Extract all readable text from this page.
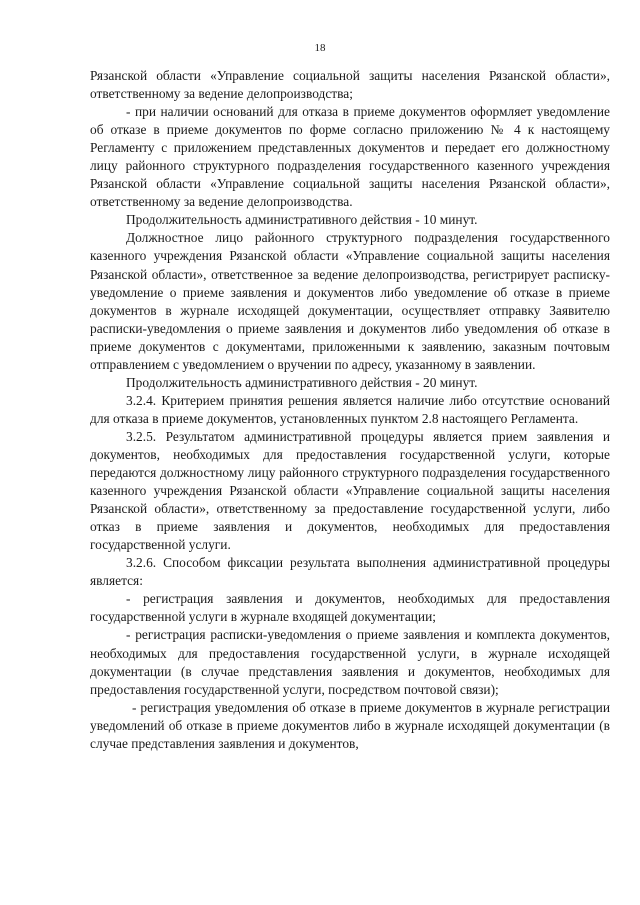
18

Рязанской области «Управление социальной защиты населения Рязанской области», ответственному за ведение делопроизводства;

- при наличии оснований для отказа в приеме документов оформляет уведомление об отказе в приеме документов по форме согласно приложению № 4 к настоящему Регламенту с приложением представленных документов и передает его должностному лицу районного структурного подразделения государственного казенного учреждения Рязанской области «Управление социальной защиты населения Рязанской области», ответственному за ведение делопроизводства.

Продолжительность административного действия - 10 минут.

Должностное лицо районного структурного подразделения государственного казенного учреждения Рязанской области «Управление социальной защиты населения Рязанской области», ответственное за ведение делопроизводства, регистрирует расписку-уведомление о приеме заявления и документов либо уведомление об отказе в приеме документов в журнале исходящей документации, осуществляет отправку Заявителю расписки-уведомления о приеме заявления и документов либо уведомления об отказе в приеме документов с документами, приложенными к заявлению, заказным почтовым отправлением с уведомлением о вручении по адресу, указанному в заявлении.

Продолжительность административного действия - 20 минут.

3.2.4. Критерием принятия решения является наличие либо отсутствие оснований для отказа в приеме документов, установленных пунктом 2.8 настоящего Регламента.

3.2.5. Результатом административной процедуры является прием заявления и документов, необходимых для предоставления государственной услуги, которые передаются должностному лицу районного структурного подразделения государственного казенного учреждения Рязанской области «Управление социальной защиты населения Рязанской области», ответственному за предоставление государственной услуги, либо отказ в приеме заявления и документов, необходимых для предоставления государственной услуги.

3.2.6. Способом фиксации результата выполнения административной процедуры является:

- регистрация заявления и документов, необходимых для предоставления государственной услуги в журнале входящей документации;

- регистрация расписки-уведомления о приеме заявления и комплекта документов, необходимых для предоставления государственной услуги, в журнале исходящей документации (в случае представления заявления и документов, необходимых для предоставления государственной услуги, посредством почтовой связи);

- регистрация уведомления об отказе в приеме документов в журнале регистрации уведомлений об отказе в приеме документов либо в журнале исходящей документации (в случае представления заявления и документов,
